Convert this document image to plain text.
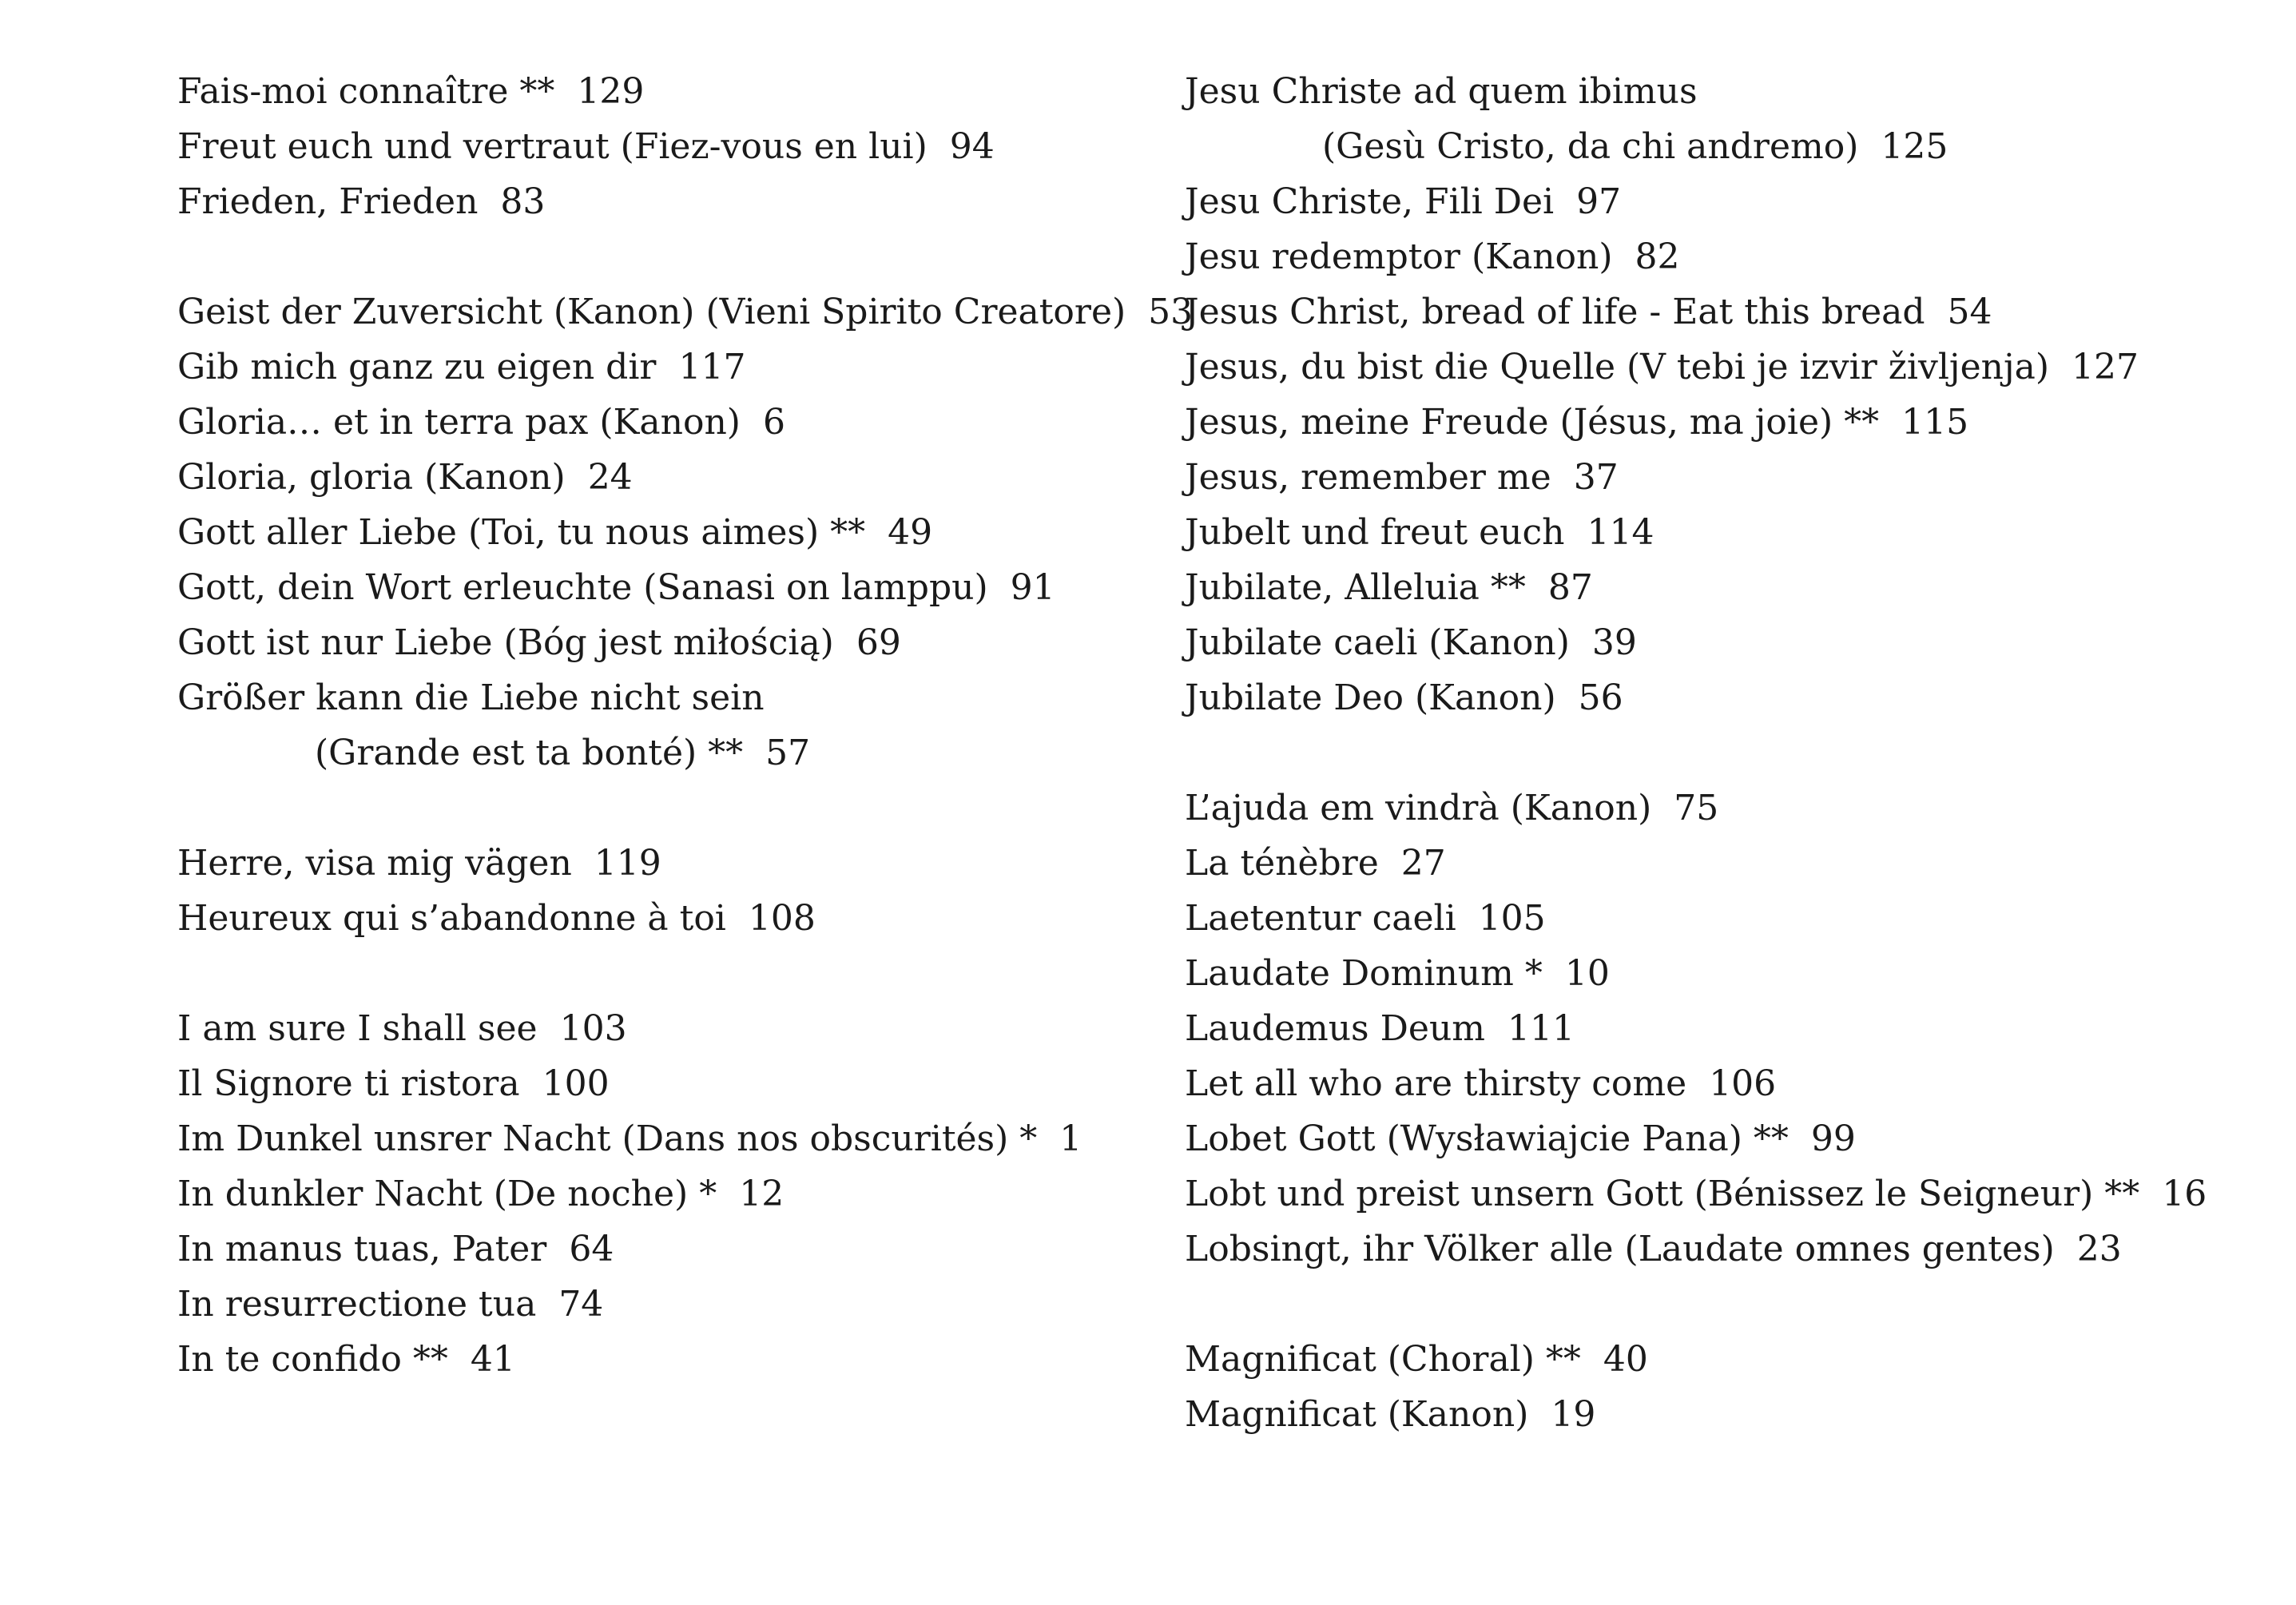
Fais-moi connaître ** 129
Freut euch und vertraut (Fiez-vous en lui) 94
Frieden, Frieden 83
Geist der Zuversicht (Kanon) (Vieni Spirito Creatore) 53
Gib mich ganz zu eigen dir 117
Gloria… et in terra pax (Kanon) 6
Gloria, gloria (Kanon) 24
Gott aller Liebe (Toi, tu nous aimes) ** 49
Gott, dein Wort erleuchte (Sanasi on lamppu) 91
Gott ist nur Liebe (Bóg jest miłością) 69
Größer kann die Liebe nicht sein
(Grande est ta bonté) ** 57
Herre, visa mig vägen 119
Heureux qui s’abandonne à toi 108
I am sure I shall see 103
Il Signore ti ristora 100
Im Dunkel unsrer Nacht (Dans nos obscurités) * 1
In dunkler Nacht (De noche) * 12
In manus tuas, Pater 64
In resurrectione tua 74
In te confido ** 41
Jesu Christe ad quem ibimus
(Gesù Cristo, da chi andremo) 125
Jesu Christe, Fili Dei 97
Jesu redemptor (Kanon) 82
Jesus Christ, bread of life - Eat this bread 54
Jesus, du bist die Quelle (V tebi je izvir življenja) 127
Jesus, meine Freude (Jésus, ma joie) ** 115
Jesus, remember me 37
Jubelt und freut euch 114
Jubilate, Alleluia ** 87
Jubilate caeli (Kanon) 39
Jubilate Deo (Kanon) 56
L’ajuda em vindrà (Kanon) 75
La ténèbre 27
Laetentur caeli 105
Laudate Dominum * 10
Laudemus Deum 111
Let all who are thirsty come 106
Lobet Gott (Wysławiajcie Pana) ** 99
Lobt und preist unsern Gott (Bénissez le Seigneur) ** 16
Lobsingt, ihr Völker alle (Laudate omnes gentes) 23
Magnificat (Choral) ** 40
Magnificat (Kanon) 19
